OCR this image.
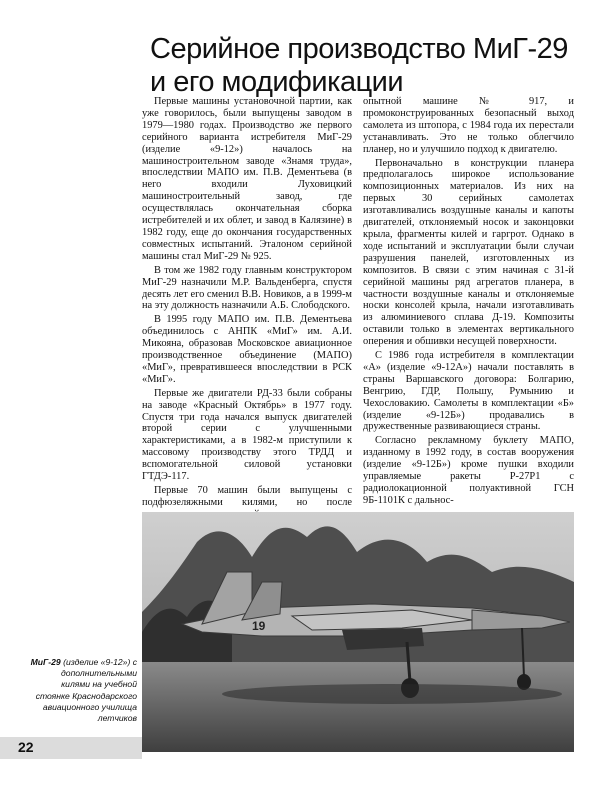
Серийное производство МиГ-29
и его модификации

Первые машины установочной партии, как уже говорилось, были выпущены заводом в 1979—1980 годах. Производство же первого серийного варианта истребителя МиГ-29 (изделие «9-12») началось на машиностроительном заводе «Знамя труда», впоследствии МАПО им. П.В. Дементьева (в него входили Луховицкий машиностроительный завод, где осуществлялась окончательная сборка истребителей и их облет, и завод в Калязине) в 1982 году, еще до окончания государственных совместных испытаний. Эталоном серийной машины стал МиГ-29 № 925.

В том же 1982 году главным конструктором МиГ-29 назначили М.Р. Вальденберга, спустя десять лет его сменил В.В. Новиков, а в 1999-м на эту должность назначили А.Б. Слободского.

В 1995 году МАПО им. П.В. Дементьева объединилось с АНПК «МиГ» им. А.И. Микояна, образовав Московское авиационное производственное объединение (МАПО) «МиГ», превратившееся впоследствии в РСК «МиГ».

Первые же двигатели РД-33 были собраны на заводе «Красный Октябрь» в 1977 году. Спустя три года начался выпуск двигателей второй серии с улучшенными характеристиками, а в 1982-м приступили к массовому производству этого ТРДД и вспомогательной силовой установки ГТДЭ-117.

Первые 70 машин были выпущены с подфюзеляжными килями, но после

опытной машине № 917, и промоконструированных безопасный выход самолета из штопора, с 1984 года их перестали устанавливать. Это не только облегчило планер, но и улучшило подход к двигателю.

Первоначально в конструкции планера предполагалось широкое использование композиционных материалов. Из них на первых 30 серийных самолетах изготавливались воздушные каналы и капоты двигателей, отклоняемый носок и законцовки крыла, фрагменты килей и гаргрот. Однако в ходе испытаний и эксплуатации были случаи разрушения панелей, изготовленных из композитов. В связи с этим начиная с 31-й серийной машины ряд агрегатов планера, в частности воздушные каналы и отклоняемые носки консолей крыла, начали изготавливать из алюминиевого сплава Д-19. Композиты оставили только в элементах вертикального оперения и обшивки несущей поверхности.

С 1986 года истребителя в комплектации «А» (изделие «9-12А») начали поставлять в страны Варшавского договора: Болгарию, Венгрию, ГДР, Польшу, Румынию и Чехословакию. Самолеты в комплектации «Б» (изделие «9-12Б») продавались в дружественные развивающиеся страны.

Согласно рекламному буклету МАПО, изданному в 1992 году, в состав вооружения (изделие «9-12Б») кроме пушки входили управляемые ракеты Р-27Р1 с радиолокационной полуактивной ГСН 9Б-1101К с дальнос-

19

МиГ-29 (изделие «9-12») с дополнительными килями на учебной стоянке Краснодарского авиационного училища летчиков

22
